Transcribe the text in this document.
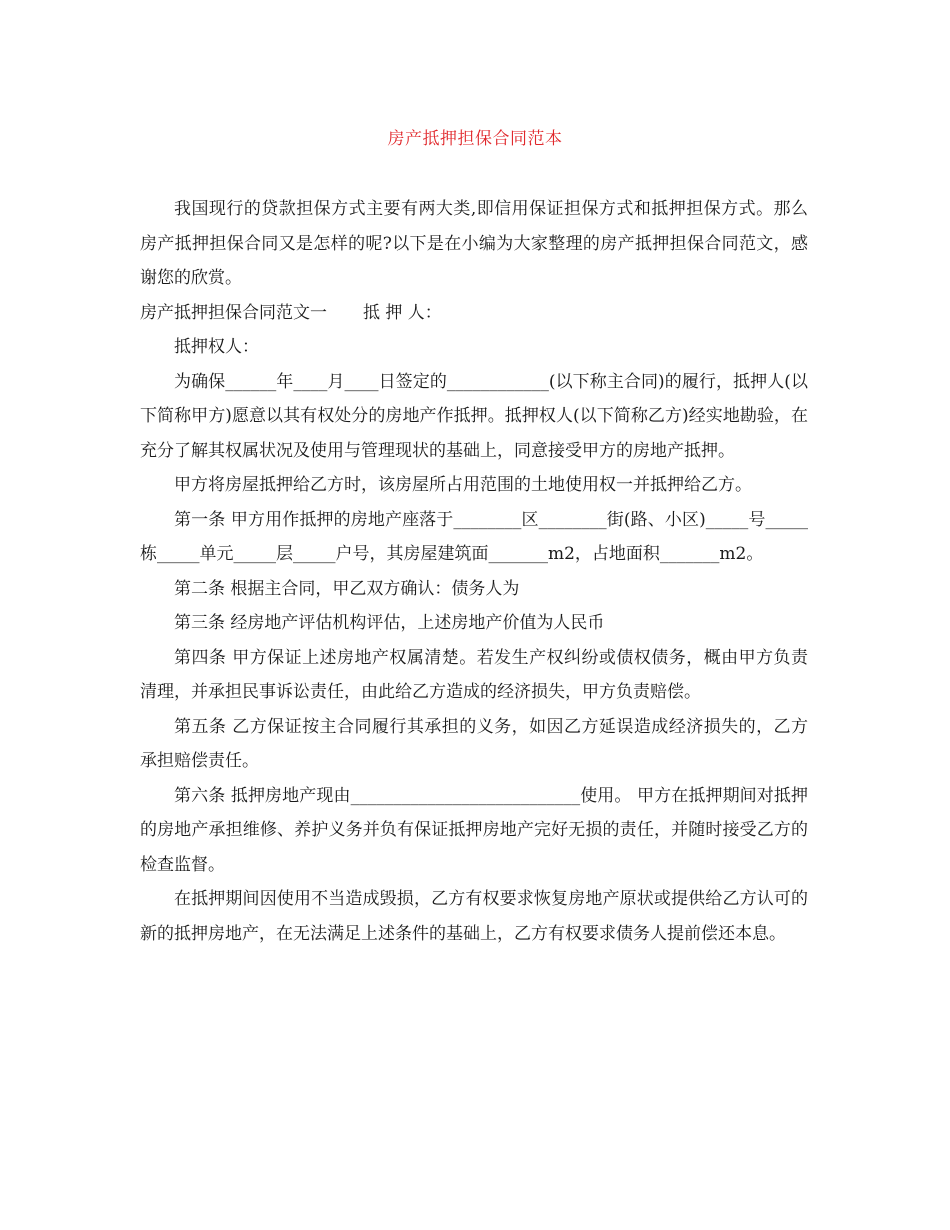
房产抵押担保合同范本

我国现行的贷款担保方式主要有两大类,即信用保证担保方式和抵押担保方式。那么房产抵押担保合同又是怎样的呢?以下是在小编为大家整理的房产抵押担保合同范文，感谢您的欣赏。

房产抵押担保合同范文一 抵 押 人：

抵押权人：

为确保______年____月____日签定的____________(以下称主合同)的履行，抵押人(以下简称甲方)愿意以其有权处分的房地产作抵押。抵押权人(以下简称乙方)经实地勘验，在充分了解其权属状况及使用与管理现状的基础上，同意接受甲方的房地产抵押。

甲方将房屋抵押给乙方时，该房屋所占用范围的土地使用权一并抵押给乙方。

第一条 甲方用作抵押的房地产座落于________区________街(路、小区)_____号_____栋_____单元_____层_____户号，其房屋建筑面_______m2，占地面积_______m2。

第二条 根据主合同，甲乙双方确认：债务人为

第三条 经房地产评估机构评估，上述房地产价值为人民币

第四条 甲方保证上述房地产权属清楚。若发生产权纠纷或债权债务，概由甲方负责清理，并承担民事诉讼责任，由此给乙方造成的经济损失，甲方负责赔偿。

第五条 乙方保证按主合同履行其承担的义务，如因乙方延误造成经济损失的，乙方承担赔偿责任。

第六条 抵押房地产现由___________________________使用。 甲方在抵押期间对抵押的房地产承担维修、养护义务并负有保证抵押房地产完好无损的责任，并随时接受乙方的检查监督。

在抵押期间因使用不当造成毁损，乙方有权要求恢复房地产原状或提供给乙方认可的新的抵押房地产，在无法满足上述条件的基础上，乙方有权要求债务人提前偿还本息。
